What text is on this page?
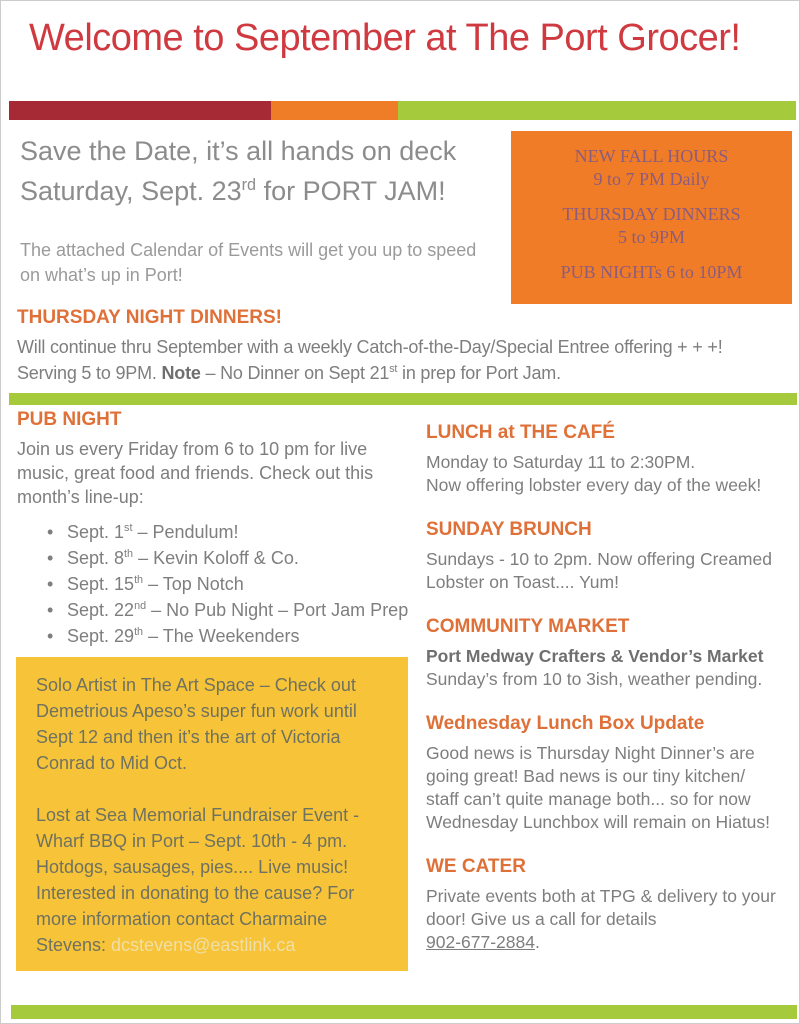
Welcome to September at The Port Grocer!

Save the Date, it’s all hands on deck
Saturday, Sept. 23rd for PORT JAM!

The attached Calendar of Events will get you up to speed
on what’s up in Port!

NEW FALL HOURS
9 to 7 PM Daily

THURSDAY DINNERS
5 to 9PM

PUB NIGHTs 6 to 10PM

THURSDAY NIGHT DINNERS!

Will continue thru September with a weekly Catch-of-the-Day/Special Entree offering + + +!
Serving 5 to 9PM. Note – No Dinner on Sept 21st in prep for Port Jam.

PUB NIGHT

Join us every Friday from 6 to 10 pm for live
music, great food and friends. Check out this
month’s line-up:

• Sept. 1st – Pendulum!
• Sept. 8th – Kevin Koloff & Co.
• Sept. 15th – Top Notch
• Sept. 22nd – No Pub Night – Port Jam Prep
• Sept. 29th – The Weekenders

Solo Artist in The Art Space – Check out
Demetrious Apeso’s super fun work until
Sept 12 and then it’s the art of Victoria
Conrad to Mid Oct.

Lost at Sea Memorial Fundraiser Event -
Wharf BBQ in Port – Sept. 10th - 4 pm.
Hotdogs, sausages, pies.... Live music!
Interested in donating to the cause? For
more information contact Charmaine
Stevens: dcstevens@eastlink.ca

LUNCH at THE CAFÉ

Monday to Saturday 11 to 2:30PM.
Now offering lobster every day of the week!

SUNDAY BRUNCH

Sundays - 10 to 2pm. Now offering Creamed
Lobster on Toast.... Yum!

COMMUNITY MARKET

Port Medway Crafters & Vendor’s Market
Sunday’s from 10 to 3ish, weather pending.

Wednesday Lunch Box Update

Good news is Thursday Night Dinner’s are
going great! Bad news is our tiny kitchen/
staff can’t quite manage both... so for now
Wednesday Lunchbox will remain on Hiatus!

WE CATER

Private events both at TPG & delivery to your
door! Give us a call for details
902-677-2884.
